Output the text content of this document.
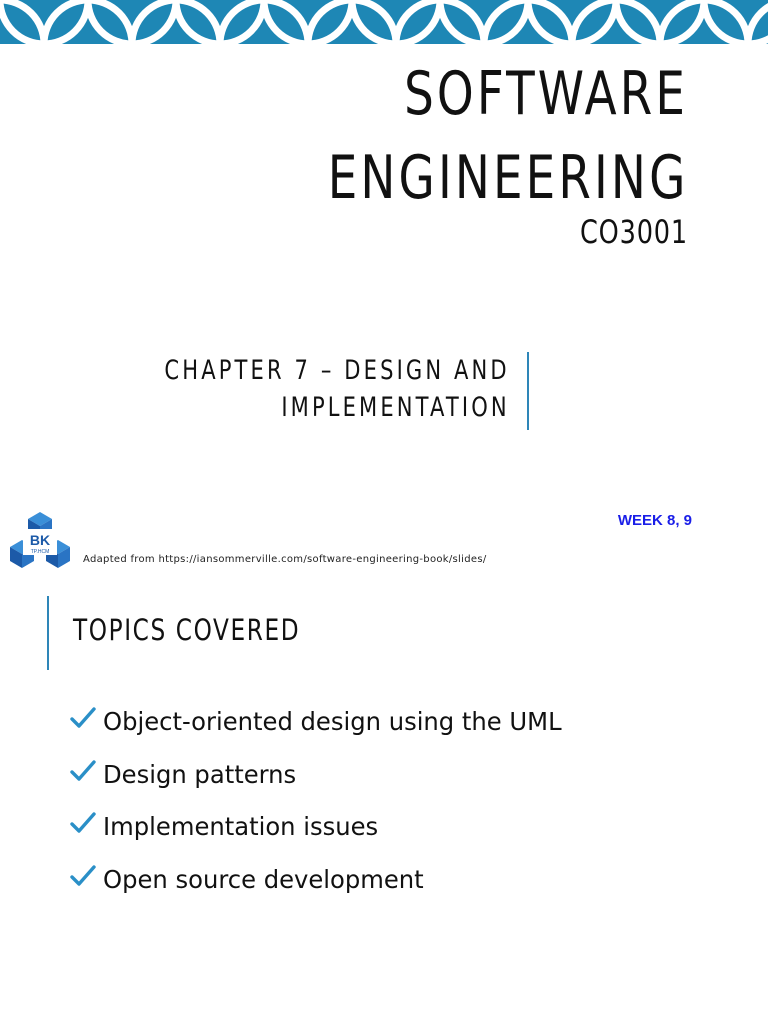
SOFTWARE
ENGINEERING
CO3001
CHAPTER 7 – DESIGN AND
IMPLEMENTATION
WEEK 8, 9
BK
TP.HCM
Adapted from https://iansommerville.com/software-engineering-book/slides/
TOPICS COVERED
Object-oriented design using the UML
Design patterns
Implementation issues
Open source development
